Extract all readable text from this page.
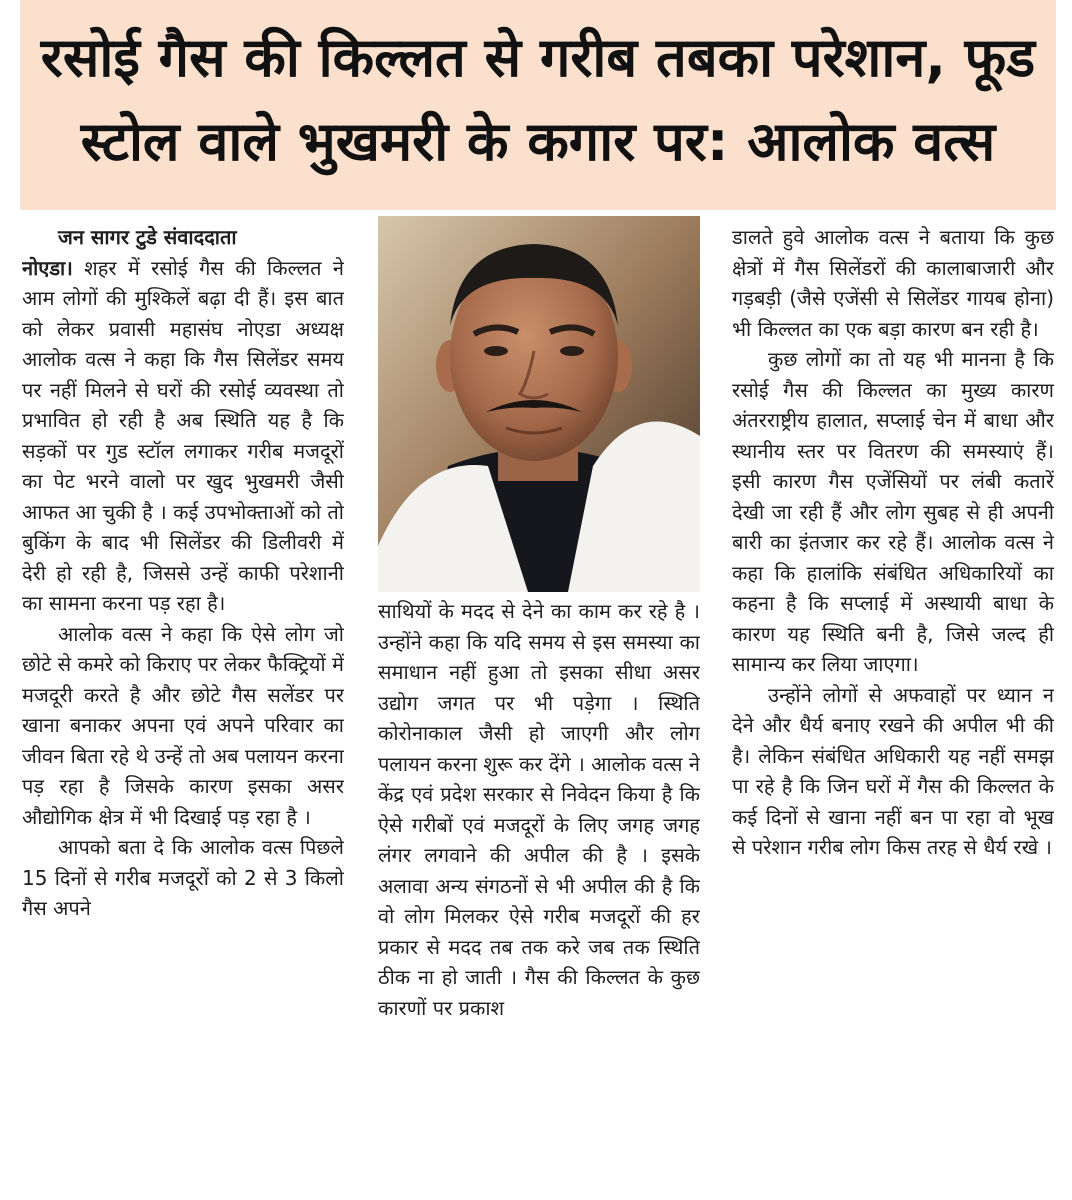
रसोई गैस की किल्लत से गरीब तबका परेशान, फूड स्टोल वाले भुखमरी के कगार पर: आलोक वत्स
जन सागर टुडे संवाददाता

नोएडा। शहर में रसोई गैस की किल्लत ने आम लोगों की मुश्किलें बढ़ा दी हैं। इस बात को लेकर प्रवासी महासंघ नोएडा अध्यक्ष आलोक वत्स ने कहा कि गैस सिलेंडर समय पर नहीं मिलने से घरों की रसोई व्यवस्था तो प्रभावित हो रही है अब स्थिति यह है कि सड़कों पर गुड स्टॉल लगाकर गरीब मजदूरों का पेट भरने वालो पर खुद भुखमरी जैसी आफत आ चुकी है । कई उपभोक्ताओं को तो बुकिंग के बाद भी सिलेंडर की डिलीवरी में देरी हो रही है, जिससे उन्हें काफी परेशानी का सामना करना पड़ रहा है।

आलोक वत्स ने कहा कि ऐसे लोग जो छोटे से कमरे को किराए पर लेकर फैक्ट्रियों में मजदूरी करते है और छोटे गैस सलेंडर पर खाना बनाकर अपना एवं अपने परिवार का जीवन बिता रहे थे उन्हें तो अब पलायन करना पड़ रहा है जिसके कारण इसका असर औद्योगिक क्षेत्र में भी दिखाई पड़ रहा है ।

आपको बता दे कि आलोक वत्स पिछले 15 दिनों से गरीब मजदूरों को 2 से 3 किलो गैस अपने

साथियों के मदद से देने का काम कर रहे है । उन्होंने कहा कि यदि समय से इस समस्या का समाधान नहीं हुआ तो इसका सीधा असर उद्योग जगत पर भी पड़ेगा । स्थिति कोरोनाकाल जैसी हो जाएगी और लोग पलायन करना शुरू कर देंगे । आलोक वत्स ने केंद्र एवं प्रदेश सरकार से निवेदन किया है कि ऐसे गरीबों एवं मजदूरों के लिए जगह जगह लंगर लगवाने की अपील की है । इसके अलावा अन्य संगठनों से भी अपील की है कि वो लोग मिलकर ऐसे गरीब मजदूरों की हर प्रकार से मदद तब तक करे जब तक स्थिति ठीक ना हो जाती । गैस की किल्लत के कुछ कारणों पर प्रकाश

डालते हुवे आलोक वत्स ने बताया कि कुछ क्षेत्रों में गैस सिलेंडरों की कालाबाजारी और गड़बड़ी (जैसे एजेंसी से सिलेंडर गायब होना) भी किल्लत का एक बड़ा कारण बन रही है।

कुछ लोगों का तो यह भी मानना है कि रसोई गैस की किल्लत का मुख्य कारण अंतरराष्ट्रीय हालात, सप्लाई चेन में बाधा और स्थानीय स्तर पर वितरण की समस्याएं हैं। इसी कारण गैस एजेंसियों पर लंबी कतारें देखी जा रही हैं और लोग सुबह से ही अपनी बारी का इंतजार कर रहे हैं। आलोक वत्स ने कहा कि हालांकि संबंधित अधिकारियों का कहना है कि सप्लाई में अस्थायी बाधा के कारण यह स्थिति बनी है, जिसे जल्द ही सामान्य कर लिया जाएगा।

उन्होंने लोगों से अफवाहों पर ध्यान न देने और धैर्य बनाए रखने की अपील भी की है। लेकिन संबंधित अधिकारी यह नहीं समझ पा रहे है कि जिन घरों में गैस की किल्लत के कई दिनों से खाना नहीं बन पा रहा वो भूख से परेशान गरीब लोग किस तरह से धैर्य रखे ।
